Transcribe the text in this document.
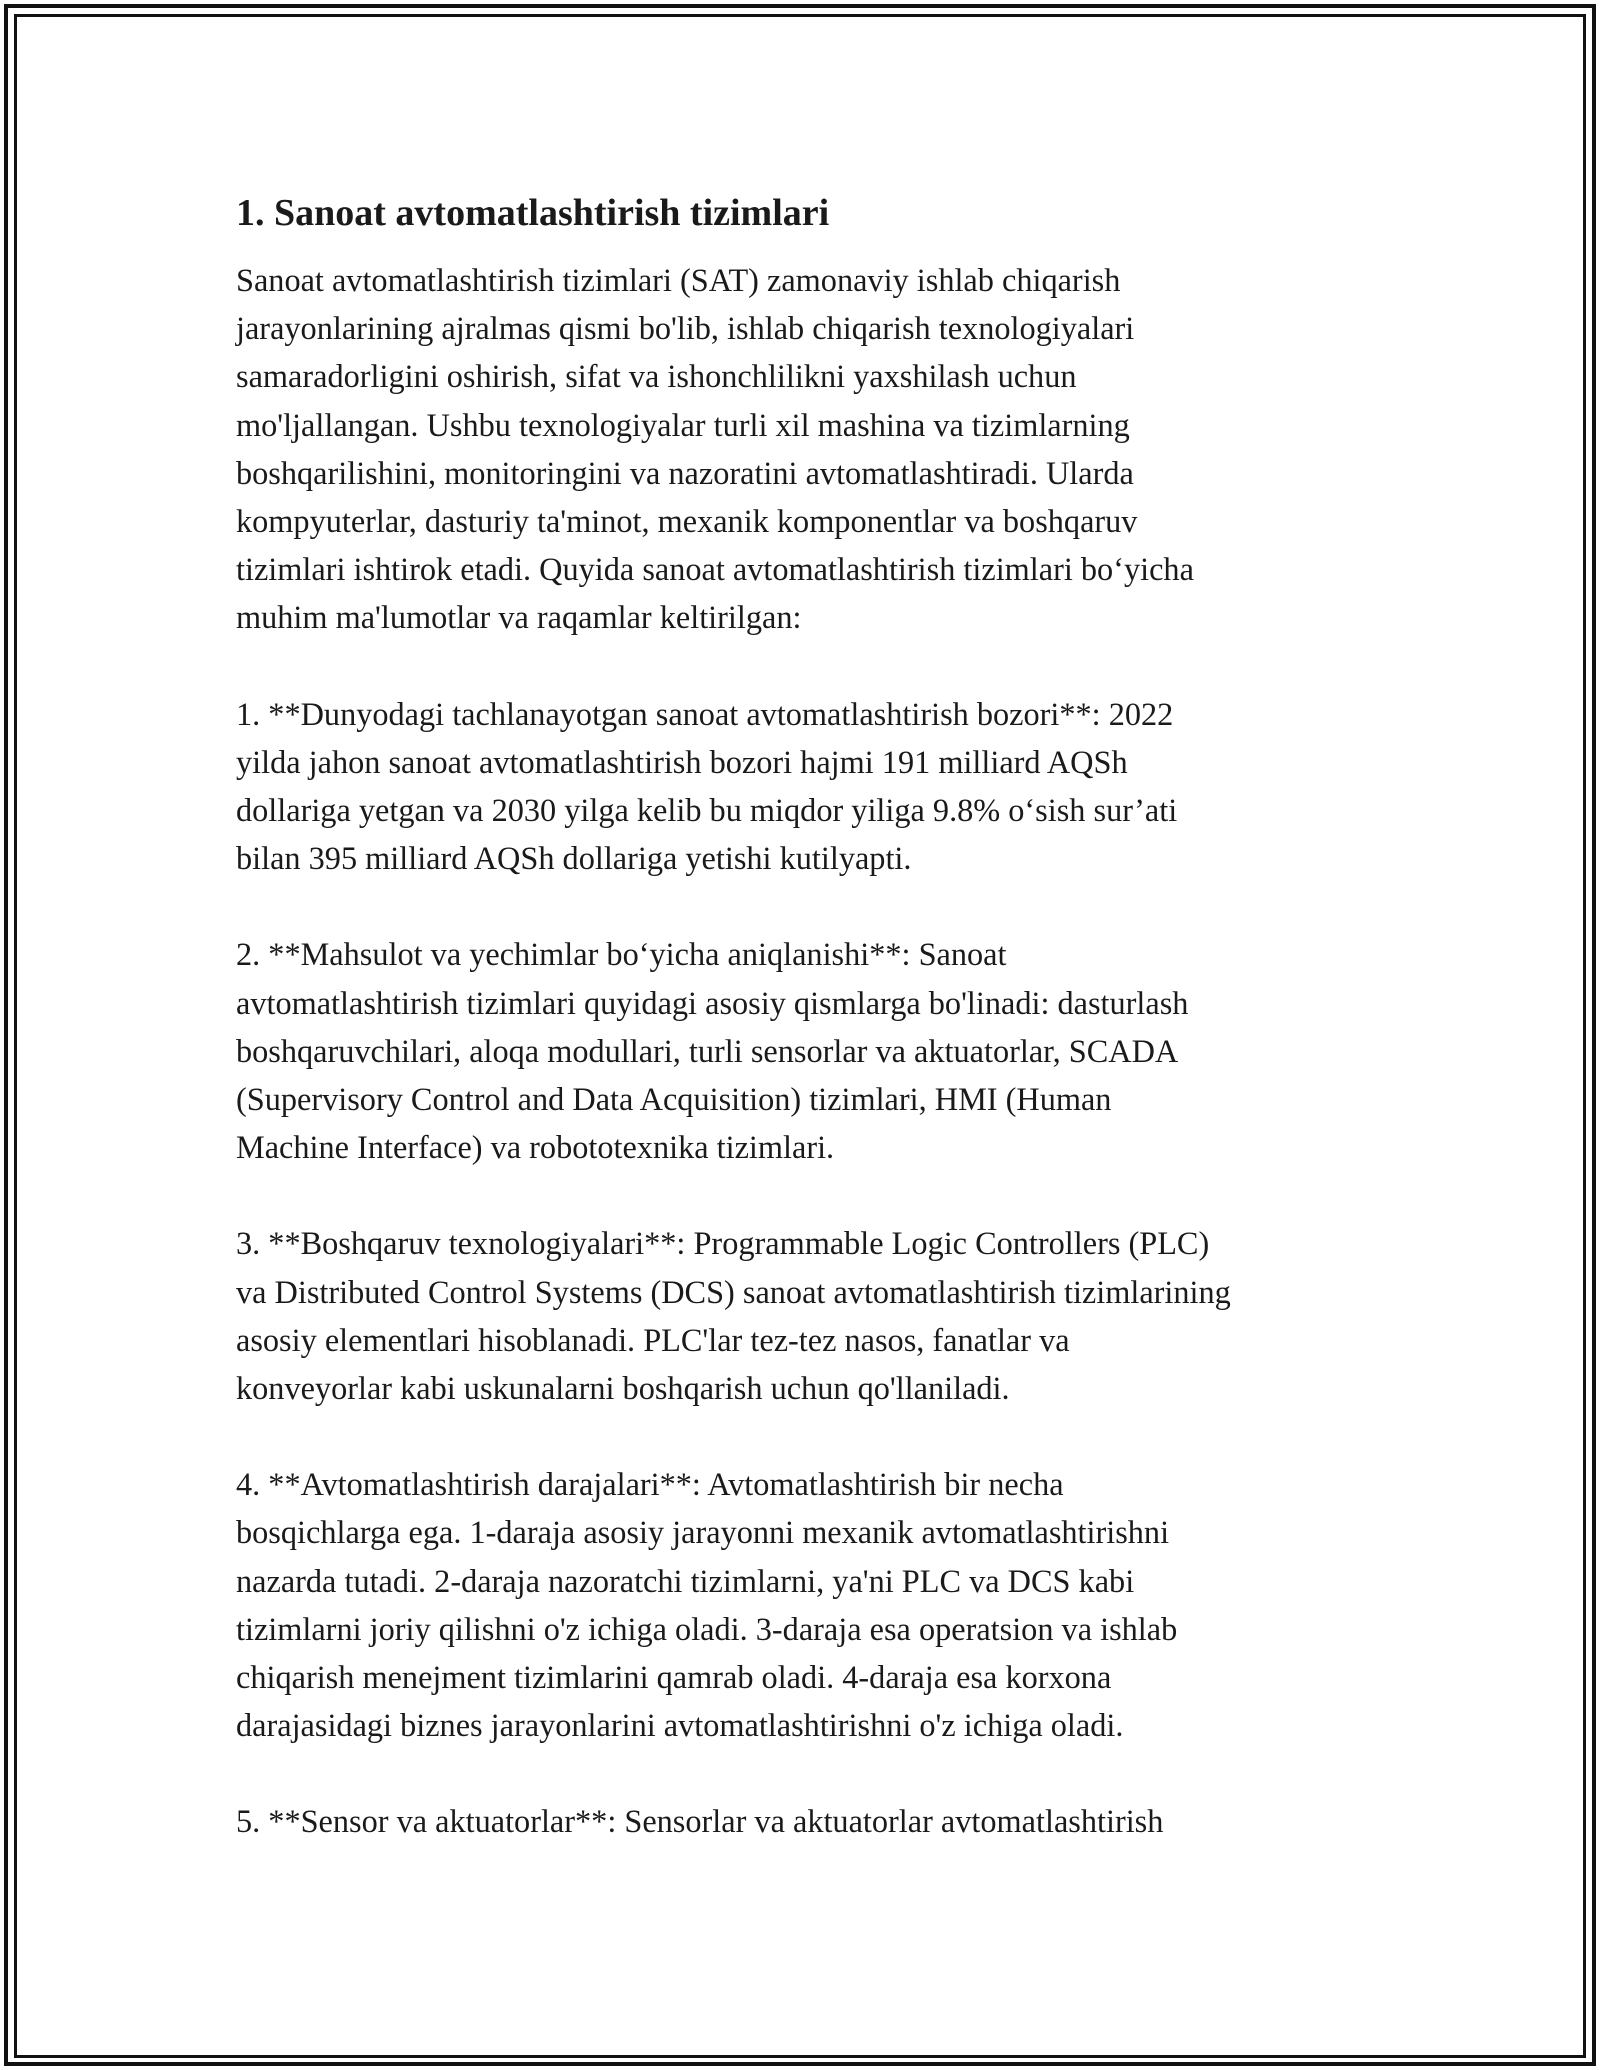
1. Sanoat avtomatlashtirish tizimlari

Sanoat avtomatlashtirish tizimlari (SAT) zamonaviy ishlab chiqarish
jarayonlarining ajralmas qismi bo'lib, ishlab chiqarish texnologiyalari
samaradorligini oshirish, sifat va ishonchlilikni yaxshilash uchun
mo'ljallangan. Ushbu texnologiyalar turli xil mashina va tizimlarning
boshqarilishini, monitoringini va nazoratini avtomatlashtiradi. Ularda
kompyuterlar, dasturiy ta'minot, mexanik komponentlar va boshqaruv
tizimlari ishtirok etadi. Quyida sanoat avtomatlashtirish tizimlari bo‘yicha
muhim ma'lumotlar va raqamlar keltirilgan:

1. **Dunyodagi tachlanayotgan sanoat avtomatlashtirish bozori**: 2022
yilda jahon sanoat avtomatlashtirish bozori hajmi 191 milliard AQSh
dollariga yetgan va 2030 yilga kelib bu miqdor yiliga 9.8% o‘sish sur’ati
bilan 395 milliard AQSh dollariga yetishi kutilyapti.

2. **Mahsulot va yechimlar bo‘yicha aniqlanishi**: Sanoat
avtomatlashtirish tizimlari quyidagi asosiy qismlarga bo'linadi: dasturlash
boshqaruvchilari, aloqa modullari, turli sensorlar va aktuatorlar, SCADA
(Supervisory Control and Data Acquisition) tizimlari, HMI (Human
Machine Interface) va robototexnika tizimlari.

3. **Boshqaruv texnologiyalari**: Programmable Logic Controllers (PLC)
va Distributed Control Systems (DCS) sanoat avtomatlashtirish tizimlarining
asosiy elementlari hisoblanadi. PLC'lar tez-tez nasos, fanatlar va
konveyorlar kabi uskunalarni boshqarish uchun qo'llaniladi.

4. **Avtomatlashtirish darajalari**: Avtomatlashtirish bir necha
bosqichlarga ega. 1-daraja asosiy jarayonni mexanik avtomatlashtirishni
nazarda tutadi. 2-daraja nazoratchi tizimlarni, ya'ni PLC va DCS kabi
tizimlarni joriy qilishni o'z ichiga oladi. 3-daraja esa operatsion va ishlab
chiqarish menejment tizimlarini qamrab oladi. 4-daraja esa korxona
darajasidagi biznes jarayonlarini avtomatlashtirishni o'z ichiga oladi.

5. **Sensor va aktuatorlar**: Sensorlar va aktuatorlar avtomatlashtirish
